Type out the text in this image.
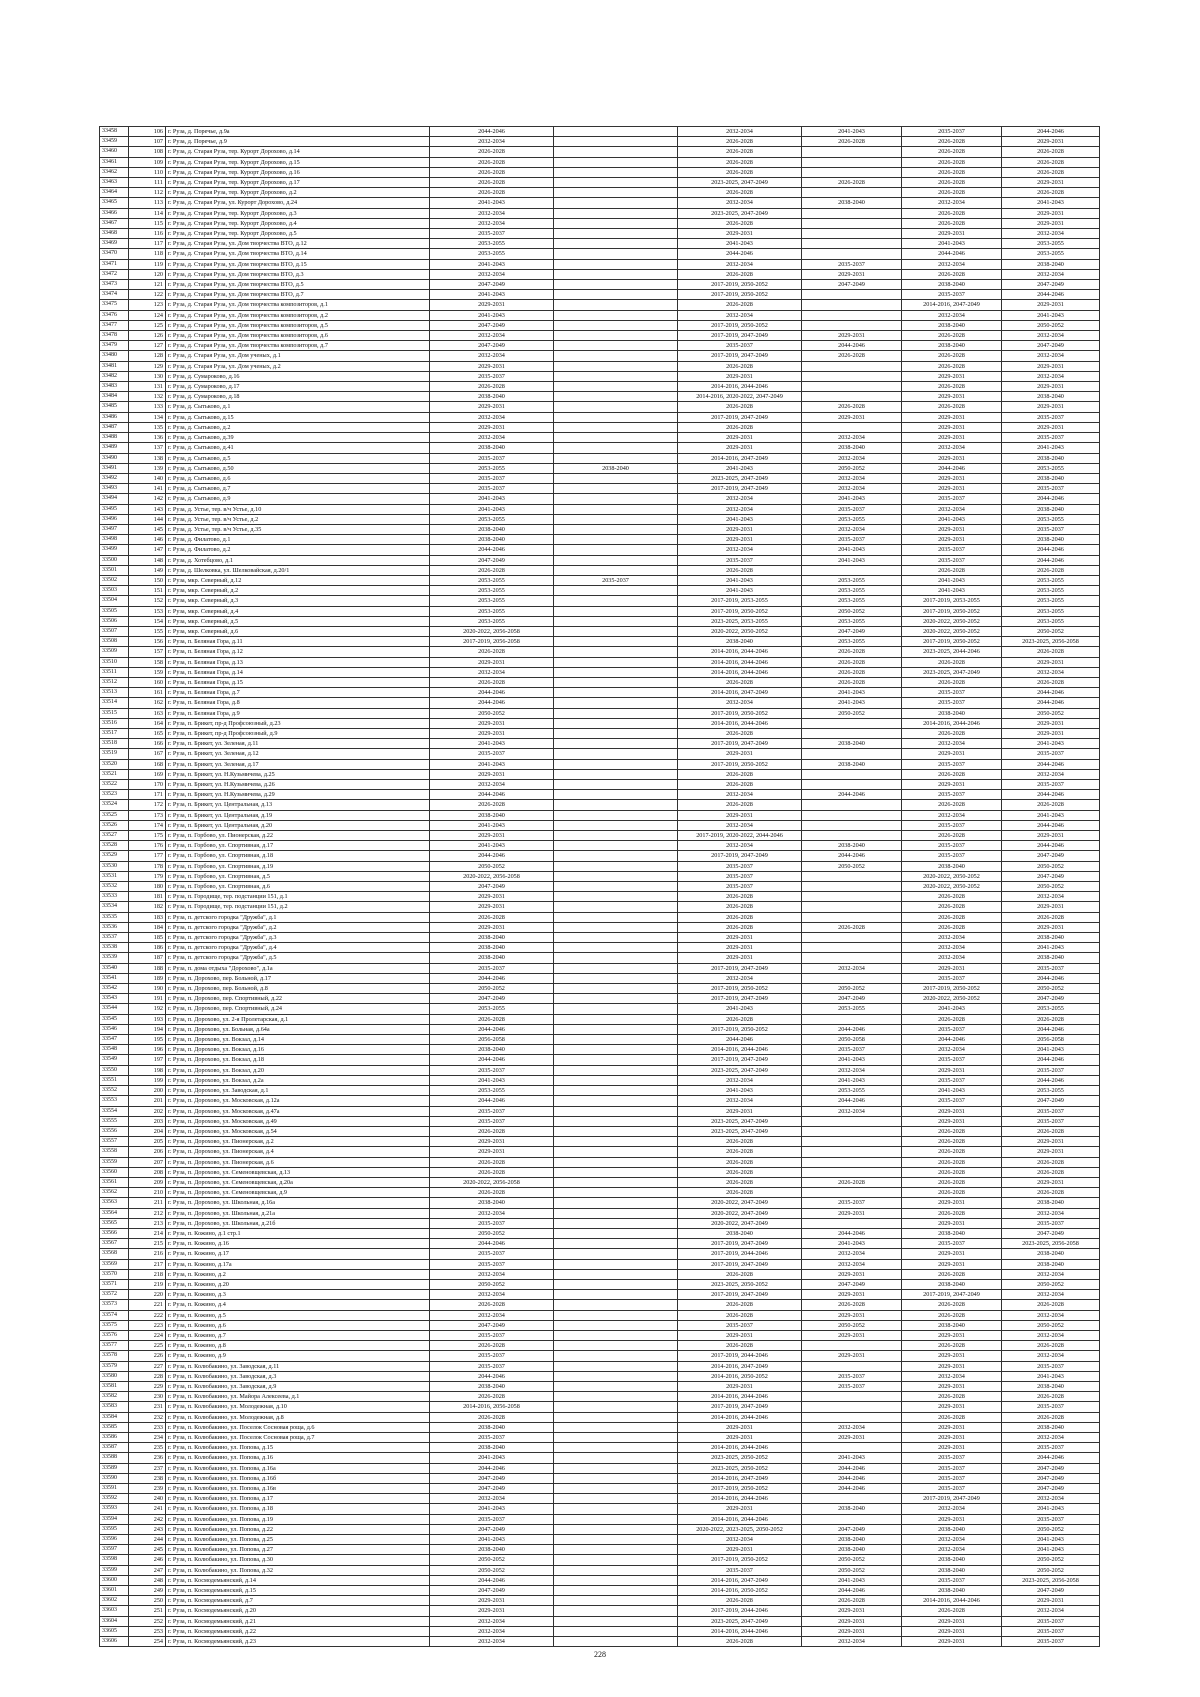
33458	106	г. Руза, д. Поречье, д.9а	2044-2046		2032-2034	2041-2043	2035-2037	2044-2046
33459	107	г. Руза, д. Поречье, д.9	2032-2034		2026-2028	2026-2028	2026-2028	2029-2031
33460	108	г. Руза, д. Старая Руза, тер. Курорт Дорохово, д.14	2026-2028		2026-2028		2026-2028	2026-2028
33461	109	г. Руза, д. Старая Руза, тер. Курорт Дорохово, д.15	2026-2028		2026-2028		2026-2028	2026-2028
33462	110	г. Руза, д. Старая Руза, тер. Курорт Дорохово, д.16	2026-2028		2026-2028		2026-2028	2026-2028
33463	111	г. Руза, д. Старая Руза, тер. Курорт Дорохово, д.17	2026-2028		2023-2025, 2047-2049	2026-2028	2026-2028	2029-2031
33464	112	г. Руза, д. Старая Руза, тер. Курорт Дорохово, д.2	2026-2028		2026-2028		2026-2028	2026-2028
33465	113	г. Руза, д. Старая Руза, ул. Курорт Дорохово, д.24	2041-2043		2032-2034	2038-2040	2032-2034	2041-2043
33466	114	г. Руза, д. Старая Руза, тер. Курорт Дорохово, д.3	2032-2034		2023-2025, 2047-2049		2026-2028	2029-2031
33467	115	г. Руза, д. Старая Руза, тер. Курорт Дорохово, д.4	2032-2034		2026-2028		2026-2028	2029-2031
33468	116	г. Руза, д. Старая Руза, тер. Курорт Дорохово, д.5	2035-2037		2029-2031		2029-2031	2032-2034
33469	117	г. Руза, д. Старая Руза, ул. Дом творчества ВТО, д.12	2053-2055		2041-2043		2041-2043	2053-2055
33470	118	г. Руза, д. Старая Руза, ул. Дом творчества ВТО, д.14	2053-2055		2044-2046		2044-2046	2053-2055
33471	119	г. Руза, д. Старая Руза, ул. Дом творчества ВТО, д.15	2041-2043		2032-2034	2035-2037	2032-2034	2038-2040
33472	120	г. Руза, д. Старая Руза, ул. Дом творчества ВТО, д.3	2032-2034		2026-2028	2029-2031	2026-2028	2032-2034
33473	121	г. Руза, д. Старая Руза, ул. Дом творчества ВТО, д.5	2047-2049		2017-2019, 2050-2052	2047-2049	2038-2040	2047-2049
33474	122	г. Руза, д. Старая Руза, ул. Дом творчества ВТО, д.7	2041-2043		2017-2019, 2050-2052		2035-2037	2044-2046
33475	123	г. Руза, д. Старая Руза, ул. Дом творчества композиторов, д.1	2029-2031		2026-2028		2014-2016, 2047-2049	2029-2031
33476	124	г. Руза, д. Старая Руза, ул. Дом творчества композиторов, д.2	2041-2043		2032-2034		2032-2034	2041-2043
33477	125	г. Руза, д. Старая Руза, ул. Дом творчества композиторов, д.5	2047-2049		2017-2019, 2050-2052		2038-2040	2050-2052
33478	126	г. Руза, д. Старая Руза, ул. Дом творчества композиторов, д.6	2032-2034		2017-2019, 2047-2049	2029-2031	2026-2028	2032-2034
33479	127	г. Руза, д. Старая Руза, ул. Дом творчества композиторов, д.7	2047-2049		2035-2037	2044-2046	2038-2040	2047-2049
33480	128	г. Руза, д. Старая Руза, ул. Дом ученых, д.1	2032-2034		2017-2019, 2047-2049	2026-2028	2026-2028	2032-2034
33481	129	г. Руза, д. Старая Руза, ул. Дом ученых, д.2	2029-2031		2026-2028		2026-2028	2029-2031
33482	130	г. Руза, д. Сумароково, д.16	2035-2037		2029-2031		2029-2031	2032-2034
33483	131	г. Руза, д. Сумароково, д.17	2026-2028		2014-2016, 2044-2046		2026-2028	2029-2031
33484	132	г. Руза, д. Сумароково, д.18	2038-2040		2014-2016, 2020-2022, 2047-2049		2029-2031	2038-2040
33485	133	г. Руза, д. Сытьково, д.1	2029-2031		2026-2028	2026-2028	2026-2028	2029-2031
33486	134	г. Руза, д. Сытьково, д.15	2032-2034		2017-2019, 2047-2049	2029-2031	2029-2031	2035-2037
33487	135	г. Руза, д. Сытьково, д.2	2029-2031		2026-2028		2029-2031	2029-2031
33488	136	г. Руза, д. Сытьково, д.39	2032-2034		2029-2031	2032-2034	2029-2031	2035-2037
33489	137	г. Руза, д. Сытьково, д.41	2038-2040		2029-2031	2038-2040	2032-2034	2041-2043
33490	138	г. Руза, д. Сытьково, д.5	2035-2037		2014-2016, 2047-2049	2032-2034	2029-2031	2038-2040
33491	139	г. Руза, д. Сытьково, д.50	2053-2055	2038-2040	2041-2043	2050-2052	2044-2046	2053-2055
33492	140	г. Руза, д. Сытьково, д.6	2035-2037		2023-2025, 2047-2049	2032-2034	2029-2031	2038-2040
33493	141	г. Руза, д. Сытьково, д.7	2035-2037		2017-2019, 2047-2049	2032-2034	2029-2031	2035-2037
33494	142	г. Руза, д. Сытьково, д.9	2041-2043		2032-2034	2041-2043	2035-2037	2044-2046
33495	143	г. Руза, д. Устье, тер. в/ч Устье, д.10	2041-2043		2032-2034	2035-2037	2032-2034	2038-2040
33496	144	г. Руза, д. Устье, тер. в/ч Устье, д.2	2053-2055		2041-2043	2053-2055	2041-2043	2053-2055
33497	145	г. Руза, д. Устье, тер. в/ч Устье, д.35	2038-2040		2029-2031	2032-2034	2029-2031	2035-2037
33498	146	г. Руза, д. Филатово, д.1	2038-2040		2029-2031	2035-2037	2029-2031	2038-2040
33499	147	г. Руза, д. Филатово, д.2	2044-2046		2032-2034	2041-2043	2035-2037	2044-2046
33500	148	г. Руза, д. Хотебцово, д.1	2047-2049		2035-2037	2041-2043	2035-2037	2044-2046
33501	149	г. Руза, д. Шелковка, ул. Шелковайская, д.20/1	2026-2028		2026-2028		2026-2028	2026-2028
33502	150	г. Руза, мкр. Северный, д.12	2053-2055	2035-2037	2041-2043	2053-2055	2041-2043	2053-2055
33503	151	г. Руза, мкр. Северный, д.2	2053-2055		2041-2043	2053-2055	2041-2043	2053-2055
33504	152	г. Руза, мкр. Северный, д.3	2053-2055		2017-2019, 2053-2055	2053-2055	2017-2019, 2053-2055	2053-2055
33505	153	г. Руза, мкр. Северный, д.4	2053-2055		2017-2019, 2050-2052	2050-2052	2017-2019, 2050-2052	2053-2055
33506	154	г. Руза, мкр. Северный, д.5	2053-2055		2023-2025, 2053-2055	2053-2055	2020-2022, 2050-2052	2053-2055
33507	155	г. Руза, мкр. Северный, д.6	2020-2022, 2056-2058		2020-2022, 2050-2052	2047-2049	2020-2022, 2050-2052	2050-2052
33508	156	г. Руза, п. Беляная Гора, д.11	2017-2019, 2056-2058		2038-2040	2053-2055	2017-2019, 2050-2052	2023-2025, 2056-2058
33509	157	г. Руза, п. Беляная Гора, д.12	2026-2028		2014-2016, 2044-2046	2026-2028	2023-2025, 2044-2046	2026-2028
33510	158	г. Руза, п. Беляная Гора, д.13	2029-2031		2014-2016, 2044-2046	2026-2028	2026-2028	2029-2031
33511	159	г. Руза, п. Беляная Гора, д.14	2032-2034		2014-2016, 2044-2046	2026-2028	2023-2025, 2047-2049	2032-2034
33512	160	г. Руза, п. Беляная Гора, д.15	2026-2028		2026-2028	2026-2028	2026-2028	2026-2028
33513	161	г. Руза, п. Беляная Гора, д.7	2044-2046		2014-2016, 2047-2049	2041-2043	2035-2037	2044-2046
33514	162	г. Руза, п. Беляная Гора, д.8	2044-2046		2032-2034	2041-2043	2035-2037	2044-2046
33515	163	г. Руза, п. Беляная Гора, д.9	2050-2052		2017-2019, 2050-2052	2050-2052	2038-2040	2050-2052
33516	164	г. Руза, п. Брикет, пр-д Профсоюзный, д.23	2029-2031		2014-2016, 2044-2046		2014-2016, 2044-2046	2029-2031
33517	165	г. Руза, п. Брикет, пр-д Профсоюзный, д.9	2029-2031		2026-2028		2026-2028	2029-2031
33518	166	г. Руза, п. Брикет, ул. Зеленая, д.11	2041-2043		2017-2019, 2047-2049	2038-2040	2032-2034	2041-2043
33519	167	г. Руза, п. Брикет, ул. Зеленая, д.12	2035-2037		2029-2031		2029-2031	2035-2037
33520	168	г. Руза, п. Брикет, ул. Зеленая, д.17	2041-2043		2017-2019, 2050-2052	2038-2040	2035-2037	2044-2046
33521	169	г. Руза, п. Брикет, ул. Н.Кузьмичева, д.25	2029-2031		2026-2028		2026-2028	2032-2034
33522	170	г. Руза, п. Брикет, ул. Н.Кузьмичева, д.26	2032-2034		2026-2028		2029-2031	2035-2037
33523	171	г. Руза, п. Брикет, ул. Н.Кузьмичева, д.29	2044-2046		2032-2034	2044-2046	2035-2037	2044-2046
33524	172	г. Руза, п. Брикет, ул. Центральная, д.13	2026-2028		2026-2028		2026-2028	2026-2028
33525	173	г. Руза, п. Брикет, ул. Центральная, д.19	2038-2040		2029-2031		2032-2034	2041-2043
33526	174	г. Руза, п. Брикет, ул. Центральная, д.20	2041-2043		2032-2034		2035-2037	2044-2046
33527	175	г. Руза, п. Горбово, ул. Пионерская, д.22	2029-2031		2017-2019, 2020-2022, 2044-2046		2026-2028	2029-2031
33528	176	г. Руза, п. Горбово, ул. Спортивная, д.17	2041-2043		2032-2034	2038-2040	2035-2037	2044-2046
33529	177	г. Руза, п. Горбово, ул. Спортивная, д.18	2044-2046		2017-2019, 2047-2049	2044-2046	2035-2037	2047-2049
33530	178	г. Руза, п. Горбово, ул. Спортивная, д.19	2050-2052		2035-2037	2050-2052	2038-2040	2050-2052
33531	179	г. Руза, п. Горбово, ул. Спортивная, д.5	2020-2022, 2056-2058		2035-2037		2020-2022, 2050-2052	2047-2049
33532	180	г. Руза, п. Горбово, ул. Спортивная, д.6	2047-2049		2035-2037		2020-2022, 2050-2052	2050-2052
33533	181	г. Руза, п. Городище, тер. подстанции 151, д.1	2029-2031		2026-2028		2026-2028	2032-2034
33534	182	г. Руза, п. Городище, тер. подстанции 151, д.2	2029-2031		2026-2028		2026-2028	2029-2031
33535	183	г. Руза, п. детского городка "Дружба", д.1	2026-2028		2026-2028		2026-2028	2026-2028
33536	184	г. Руза, п. детского городка "Дружба", д.2	2029-2031		2026-2028	2026-2028	2026-2028	2029-2031
33537	185	г. Руза, п. детского городка "Дружба", д.3	2038-2040		2029-2031		2032-2034	2038-2040
33538	186	г. Руза, п. детского городка "Дружба", д.4	2038-2040		2029-2031		2032-2034	2041-2043
33539	187	г. Руза, п. детского городка "Дружба", д.5	2038-2040		2029-2031		2032-2034	2038-2040
33540	188	г. Руза, п. дома отдыха "Дорохово", д.1а	2035-2037		2017-2019, 2047-2049	2032-2034	2029-2031	2035-2037
33541	189	г. Руза, п. Дорохово, пер. Больной, д.17	2044-2046		2032-2034		2035-2037	2044-2046
33542	190	г. Руза, п. Дорохово, пер. Больной, д.8	2050-2052		2017-2019, 2050-2052	2050-2052	2017-2019, 2050-2052	2050-2052
33543	191	г. Руза, п. Дорохово, пер. Спортивный, д.22	2047-2049		2017-2019, 2047-2049	2047-2049	2020-2022, 2050-2052	2047-2049
33544	192	г. Руза, п. Дорохово, пер. Спортивный, д.24	2053-2055		2041-2043	2053-2055	2041-2043	2053-2055
33545	193	г. Руза, п. Дорохово, ул. 2-я Пролетарская, д.1	2026-2028		2026-2028		2026-2028	2026-2028
33546	194	г. Руза, п. Дорохово, ул. Больная, д.64а	2044-2046		2017-2019, 2050-2052	2044-2046	2035-2037	2044-2046
33547	195	г. Руза, п. Дорохово, ул. Вокзал, д.14	2056-2058		2044-2046	2050-2058	2044-2046	2056-2058
33548	196	г. Руза, п. Дорохово, ул. Вокзал, д.16	2038-2040		2014-2016, 2044-2046	2035-2037	2032-2034	2041-2043
33549	197	г. Руза, п. Дорохово, ул. Вокзал, д.18	2044-2046		2017-2019, 2047-2049	2041-2043	2035-2037	2044-2046
33550	198	г. Руза, п. Дорохово, ул. Вокзал, д.20	2035-2037		2023-2025, 2047-2049	2032-2034	2029-2031	2035-2037
33551	199	г. Руза, п. Дорохово, ул. Вокзал, д.2а	2041-2043		2032-2034	2041-2043	2035-2037	2044-2046
33552	200	г. Руза, п. Дорохово, ул. Заводская, д.1	2053-2055		2041-2043	2053-2055	2041-2043	2053-2055
33553	201	г. Руза, п. Дорохово, ул. Московская, д.12а	2044-2046		2032-2034	2044-2046	2035-2037	2047-2049
33554	202	г. Руза, п. Дорохово, ул. Московская, д.47а	2035-2037		2029-2031	2032-2034	2029-2031	2035-2037
33555	203	г. Руза, п. Дорохово, ул. Московская, д.49	2035-2037		2023-2025, 2047-2049		2029-2031	2035-2037
33556	204	г. Руза, п. Дорохово, ул. Московская, д.54	2026-2028		2023-2025, 2047-2049		2026-2028	2026-2028
33557	205	г. Руза, п. Дорохово, ул. Пионерская, д.2	2029-2031		2026-2028		2026-2028	2029-2031
33558	206	г. Руза, п. Дорохово, ул. Пионерская, д.4	2029-2031		2026-2028		2026-2028	2029-2031
33559	207	г. Руза, п. Дорохово, ул. Пионерская, д.6	2026-2028		2026-2028		2026-2028	2026-2028
33560	208	г. Руза, п. Дорохово, ул. Семеновщевская, д.13	2026-2028		2026-2028		2026-2028	2026-2028
33561	209	г. Руза, п. Дорохово, ул. Семеновщевская, д.20а	2020-2022, 2056-2058		2026-2028	2026-2028	2026-2028	2029-2031
33562	210	г. Руза, п. Дорохово, ул. Семеновщевская, д.9	2026-2028		2026-2028		2026-2028	2026-2028
33563	211	г. Руза, п. Дорохово, ул. Школьная, д.16а	2038-2040		2020-2022, 2047-2049	2035-2037	2029-2031	2038-2040
33564	212	г. Руза, п. Дорохово, ул. Школьная, д.21а	2032-2034		2020-2022, 2047-2049	2029-2031	2026-2028	2032-2034
33565	213	г. Руза, п. Дорохово, ул. Школьная, д.21б	2035-2037		2020-2022, 2047-2049		2029-2031	2035-2037
33566	214	г. Руза, п. Кожино, д.1 стр.1	2050-2052		2038-2040	2044-2046	2038-2040	2047-2049
33567	215	г. Руза, п. Кожино, д.16	2044-2046		2017-2019, 2047-2049	2041-2043	2035-2037	2023-2025, 2056-2058
33568	216	г. Руза, п. Кожино, д.17	2035-2037		2017-2019, 2044-2046	2032-2034	2029-2031	2038-2040
33569	217	г. Руза, п. Кожино, д.17а	2035-2037		2017-2019, 2047-2049	2032-2034	2029-2031	2038-2040
33570	218	г. Руза, п. Кожино, д.2	2032-2034		2026-2028	2029-2031	2026-2028	2032-2034
33571	219	г. Руза, п. Кожино, д.20	2050-2052		2023-2025, 2050-2052	2047-2049	2038-2040	2050-2052
33572	220	г. Руза, п. Кожино, д.3	2032-2034		2017-2019, 2047-2049	2029-2031	2017-2019, 2047-2049	2032-2034
33573	221	г. Руза, п. Кожино, д.4	2026-2028		2026-2028	2026-2028	2026-2028	2026-2028
33574	222	г. Руза, п. Кожино, д.5	2032-2034		2026-2028	2029-2031	2026-2028	2032-2034
33575	223	г. Руза, п. Кожино, д.6	2047-2049		2035-2037	2050-2052	2038-2040	2050-2052
33576	224	г. Руза, п. Кожино, д.7	2035-2037		2029-2031	2029-2031	2029-2031	2032-2034
33577	225	г. Руза, п. Кожино, д.8	2026-2028		2026-2028		2026-2028	2026-2028
33578	226	г. Руза, п. Кожино, д.9	2035-2037		2017-2019, 2044-2046	2029-2031	2029-2031	2032-2034
33579	227	г. Руза, п. Колюбакино, ул. Заводская, д.11	2035-2037		2014-2016, 2047-2049		2029-2031	2035-2037
33580	228	г. Руза, п. Колюбакино, ул. Заводская, д.3	2044-2046		2014-2016, 2050-2052	2035-2037	2032-2034	2041-2043
33581	229	г. Руза, п. Колюбакино, ул. Заводская, д.9	2038-2040		2029-2031	2035-2037	2029-2031	2038-2040
33582	230	г. Руза, п. Колюбакино, ул. Майора Алексеева, д.1	2026-2028		2014-2016, 2044-2046		2026-2028	2026-2028
33583	231	г. Руза, п. Колюбакино, ул. Молодежная, д.10	2014-2016, 2056-2058		2017-2019, 2047-2049		2029-2031	2035-2037
33584	232	г. Руза, п. Колюбакино, ул. Молодежная, д.8	2026-2028		2014-2016, 2044-2046		2026-2028	2026-2028
33585	233	г. Руза, п. Колюбакино, ул. Поселок Сосновая роща, д.6	2038-2040		2029-2031	2032-2034	2029-2031	2038-2040
33586	234	г. Руза, п. Колюбакино, ул. Поселок Сосновая роща, д.7	2035-2037		2029-2031	2029-2031	2029-2031	2032-2034
33587	235	г. Руза, п. Колюбакино, ул. Попова, д.15	2038-2040		2014-2016, 2044-2046		2029-2031	2035-2037
33588	236	г. Руза, п. Колюбакино, ул. Попова, д.16	2041-2043		2023-2025, 2050-2052	2041-2043	2035-2037	2044-2046
33589	237	г. Руза, п. Колюбакино, ул. Попова, д.16а	2044-2046		2023-2025, 2050-2052	2044-2046	2035-2037	2047-2049
33590	238	г. Руза, п. Колюбакино, ул. Попова, д.16б	2047-2049		2014-2016, 2047-2049	2044-2046	2035-2037	2047-2049
33591	239	г. Руза, п. Колюбакино, ул. Попова, д.16в	2047-2049		2017-2019, 2050-2052	2044-2046	2035-2037	2047-2049
33592	240	г. Руза, п. Колюбакино, ул. Попова, д.17	2032-2034		2014-2016, 2044-2046		2017-2019, 2047-2049	2032-2034
33593	241	г. Руза, п. Колюбакино, ул. Попова, д.18	2041-2043		2029-2031	2038-2040	2032-2034	2041-2043
33594	242	г. Руза, п. Колюбакино, ул. Попова, д.19	2035-2037		2014-2016, 2044-2046		2029-2031	2035-2037
33595	243	г. Руза, п. Колюбакино, ул. Попова, д.22	2047-2049		2020-2022, 2023-2025, 2050-2052	2047-2049	2038-2040	2050-2052
33596	244	г. Руза, п. Колюбакино, ул. Попова, д.25	2041-2043		2032-2034	2038-2040	2032-2034	2041-2043
33597	245	г. Руза, п. Колюбакино, ул. Попова, д.27	2038-2040		2029-2031	2038-2040	2032-2034	2041-2043
33598	246	г. Руза, п. Колюбакино, ул. Попова, д.30	2050-2052		2017-2019, 2050-2052	2050-2052	2038-2040	2050-2052
33599	247	г. Руза, п. Колюбакино, ул. Попова, д.32	2050-2052		2035-2037	2050-2052	2038-2040	2050-2052
33600	248	г. Руза, п. Космодемьянский, д.14	2044-2046		2014-2016, 2047-2049	2041-2043	2035-2037	2023-2025, 2056-2058
33601	249	г. Руза, п. Космодемьянский, д.15	2047-2049		2014-2016, 2050-2052	2044-2046	2038-2040	2047-2049
33602	250	г. Руза, п. Космодемьянский, д.7	2029-2031		2026-2028	2026-2028	2014-2016, 2044-2046	2029-2031
33603	251	г. Руза, п. Космодемьянский, д.20	2029-2031		2017-2019, 2044-2046	2029-2031	2026-2028	2032-2034
33604	252	г. Руза, п. Космодемьянский, д.21	2032-2034		2023-2025, 2047-2049	2029-2031	2029-2031	2035-2037
33605	253	г. Руза, п. Космодемьянский, д.22	2032-2034		2014-2016, 2044-2046	2029-2031	2029-2031	2035-2037
33606	254	г. Руза, п. Космодемьянский, д.23	2032-2034		2026-2028	2032-2034	2029-2031	2035-2037
228
